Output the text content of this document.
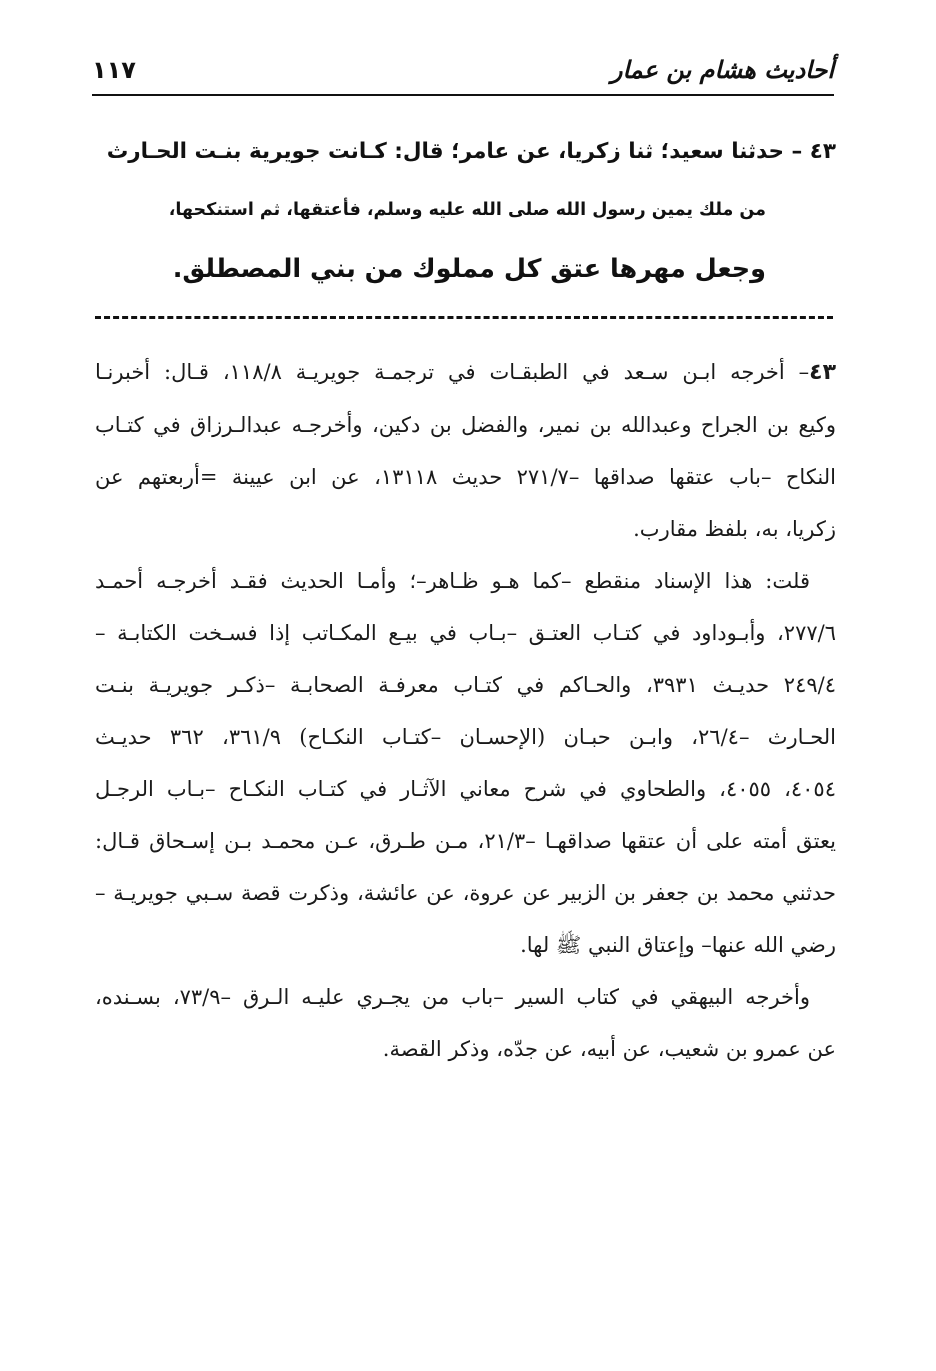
أحاديث هشام بن عمار
١١٧
٤٣ – حدثنا سعيد؛ ثنا زكريا، عن عامر؛ قال: كـانت جويرية بنـت الحـارث
من ملك يمين رسول الله صلى الله عليه وسلم، فأعتقها، ثم استنكحها،
وجعل مهرها عتق كل مملوك من بني المصطلق.
٤٣– أخرجه ابـن سـعد في الطبقـات في ترجمـة جويريـة ١١٨/٨، قـال: أخبرنـا
وكيع بن الجراح وعبدالله بن نمير، والفضل بن دكين، وأخرجـه عبدالـرزاق في كتـاب
النكاح –باب عتقها صداقها –٢٧١/٧ حديث ١٣١١٨، عن ابن عيينة =أربعتهم عن
زكريا، به، بلفظ مقارب.
قلت: هذا الإسناد منقطع –كما هـو ظـاهر–؛ وأمـا الحديث فقـد أخرجـه أحمـد
٢٧٧/٦، وأبـوداود في كتـاب العتـق –بـاب في بيـع المكـاتب إذا فسـخت الكتابـة –
٢٤٩/٤ حديـث ٣٩٣١، والحـاكم في كتـاب معرفـة الصحابـة –ذكـر جويريـة بنـت
الحـارث –٢٦/٤، وابـن حبـان (الإحسـان –كتـاب النكـاح) ٣٦١/٩، ٣٦٢ حديـث
٤٠٥٤، ٤٠٥٥، والطحاوي في شرح معاني الآثـار في كتـاب النكـاح –بـاب الرجـل
يعتق أمته على أن عتقها صداقهـا –٢١/٣، مـن طـرق، عـن محمـد بـن إسـحاق قـال:
حدثني محمد بن جعفر بن الزبير عن عروة، عن عائشة، وذكرت قصة سـبي جويريـة –
رضي الله عنها– وإعتاق النبي ﷺ لها.
وأخرجه البيهقي في كتاب السير –باب من يجـري عليـه الـرق –٧٣/٩، بسـنده،
عن عمرو بن شعيب، عن أبيه، عن جدّه، وذكر القصة.
